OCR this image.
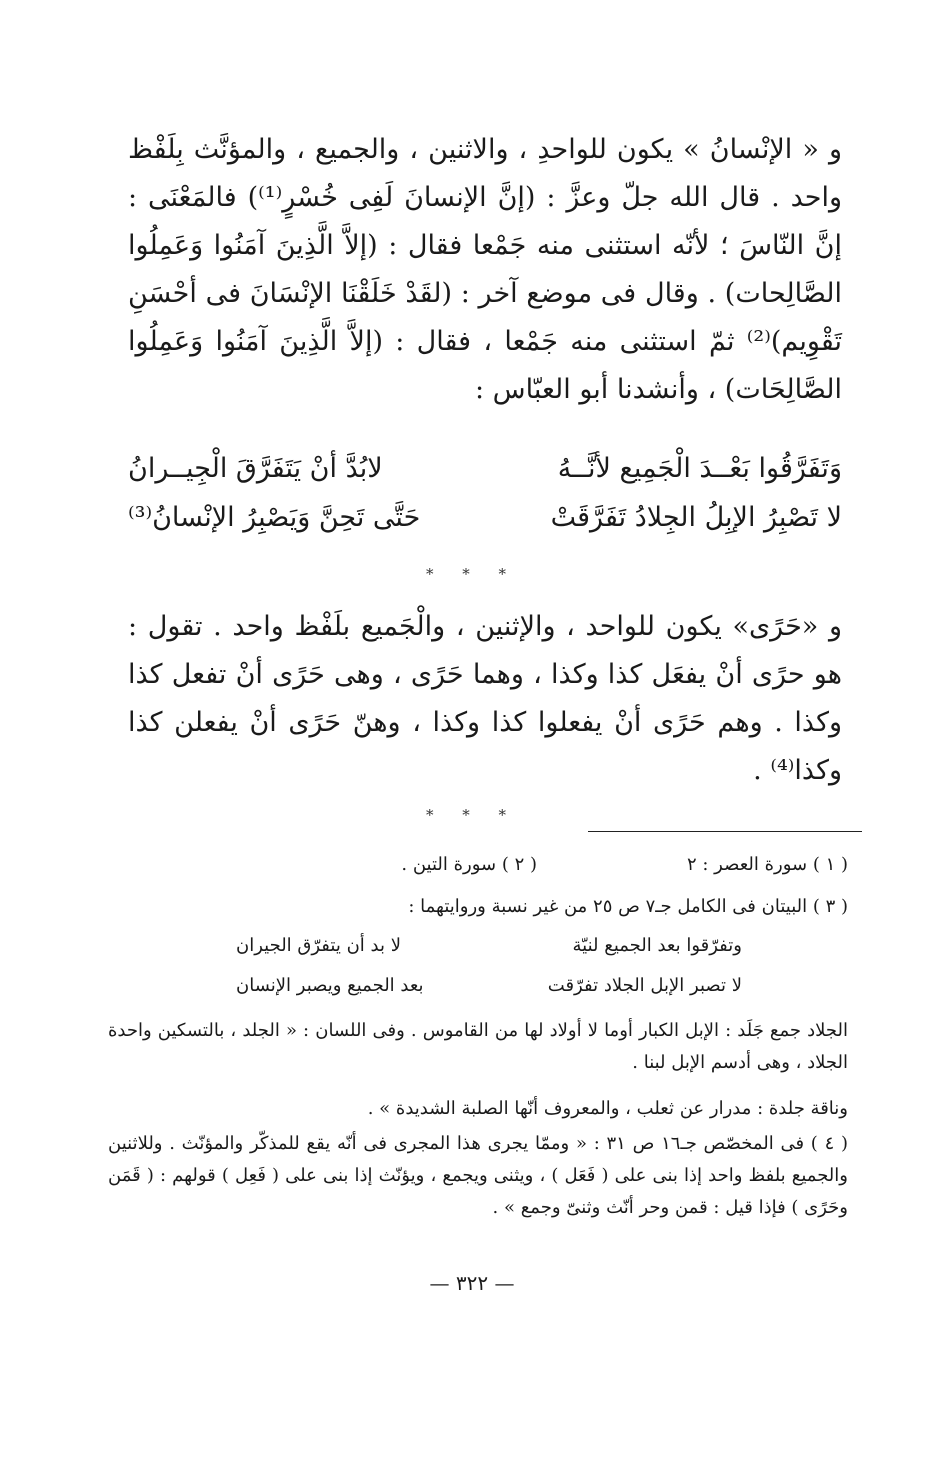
و « الإنْسانُ » يكون للواحدِ ، والاثنين ، والجميع ، والمؤنَّث بِلَفْظ واحد . قال الله جلّ وعزَّ : (إنَّ الإنسانَ لَفِى خُسْرٍ⁽¹⁾) فالمَعْنَى : إنَّ النّاسَ ؛ لأنّه استثنى منه جَمْعا فقال : (إلاَّ الَّذِينَ آمَنُوا وَعَمِلُوا الصَّالِحات) . وقال فى موضع آخر : (لقَدْ خَلَقْنَا الإنْسَانَ فى أحْسَنِ تَقْوِيم)⁽²⁾ ثمّ استثنى منه جَمْعا ، فقال : (إلاَّ الَّذِينَ آمَنُوا وَعَمِلُوا الصَّالِحَات) ، وأنشدنا أبو العبّاس :

وَتَفَرَّقُوا بَعْــدَ الْجَمِيع لأنَّــهُ
لابُدَّ أنْ يَتَفَرَّقَ الْجِيــرانُ
لا تَصْبِرُ الإبِلُ الجِلادُ تَفَرَّقَتْ
حَتَّى تَحِنَّ وَيَصْبِرُ الإنْسانُ⁽³⁾
* * *

و «حَرًى» يكون للواحد ، والإثنين ، والْجَميع بلَفْظ واحد . تقول : هو حرًى أنْ يفعَل كذا وكذا ، وهما حَرًى ، وهى حَرًى أنْ تفعل كذا وكذا . وهم حَرًى أنْ يفعلوا كذا وكذا ، وهنّ حَرًى أنْ يفعلن كذا وكذا⁽⁴⁾ .

* * *
( ١ ) سورة العصر : ٢
( ٢ ) سورة التين .
( ٣ ) البيتان فى الكامل جـ٧ ص ٢٥ من غير نسبة وروايتهما :
وتفرّقوا بعد الجميع لنيّة
لا بد أن يتفرّق الجيران
لا تصبر الإبل الجلاد تفرّقت
بعد الجميع ويصبر الإنسان

الجلاد جمع جَلَد : الإبل الكبار أوما لا أولاد لها من القاموس . وفى اللسان : « الجلد ، بالتسكين واحدة الجلاد ، وهى أدسم الإبل لبنا .

وناقة جلدة : مدرار عن ثعلب ، والمعروف أنّها الصلبة الشديدة » .

( ٤ ) فى المخصّص جـ١٦ ص ٣١ : « وممّا يجرى هذا المجرى فى أنّه يقع للمذكّر والمؤنّث . وللاثنين والجميع بلفظ واحد إذا بنى على ( فَعَل ) ، ويثنى ويجمع ، ويؤنّث إذا بنى على ( فَعِل ) قولهم : ( قَمَن وحَرًى ) فإذا قيل : قمن وحر أنّث وثنىّ وجمع » .

— ٣٢٢ —
